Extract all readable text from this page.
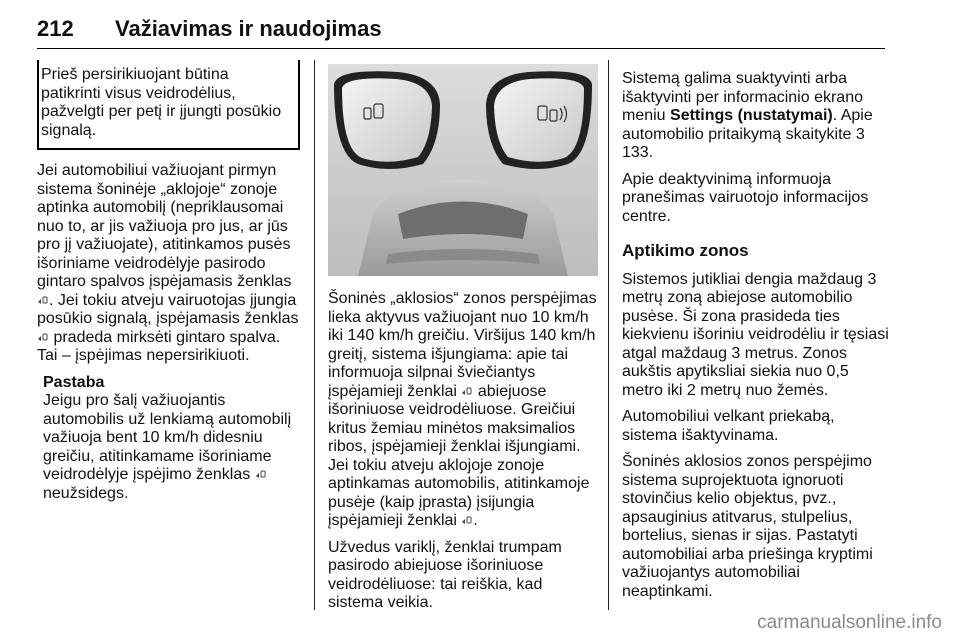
212 Važiavimas ir naudojimas

Prieš persirikiuojant būtina patikrinti visus veidrodėlius, pažvelgti per petį ir įjungti posūkio signalą.

Jei automobiliui važiuojant pirmyn sistema šoninėje „aklojoje“ zonoje aptinka automobilį (nepriklausomai nuo to, ar jis važiuoja pro jus, ar jūs pro jį važiuojate), atitinkamos pusės išoriniame veidrodėlyje pasirodo gintaro spalvos įspėjamasis ženklas . Jei tokiu atveju vairuotojas įjungia posūkio signalą, įspėjamasis ženklas  pradeda mirksėti gintaro spalva. Tai – įspėjimas nepersirikiuoti.

Pastaba

Jeigu pro šalį važiuojantis automobilis už lenkiamą automobilį važiuoja bent 10 km/h didesniu greičiu, atitinkamame išoriniame veidrodėlyje įspėjimo ženklas  neužsidegs.

Šoninės „aklosios“ zonos perspėjimas lieka aktyvus važiuojant nuo 10 km/h iki 140 km/h greičiu. Viršijus 140 km/h greitį, sistema išjungiama: apie tai informuoja silpnai šviečiantys įspėjamieji ženklai abiejuose išoriniuose veidrodėliuose. Greičiui kritus žemiau minėtos maksimalios ribos, įspėjamieji ženklai išjungiami. Jei tokiu atveju aklojoje zonoje aptinkamas automobilis, atitinkamoje pusėje (kaip įprasta) įsijungia įspėjamieji ženklai .

Užvedus variklį, ženklai trumpam pasirodo abiejuose išoriniuose veidrodėliuose: tai reiškia, kad sistema veikia.

Sistemą galima suaktyvinti arba išaktyvinti per informacinio ekrano meniu Settings (nustatymai). Apie automobilio pritaikymą skaitykite 3 133.

Apie deaktyvinimą informuoja pranešimas vairuotojo informacijos centre.

Aptikimo zonos

Sistemos jutikliai dengia maždaug 3 metrų zoną abiejose automobilio pusėse. Ši zona prasideda ties kiekvienu išoriniu veidrodėliu ir tęsiasi atgal maždaug 3 metrus. Zonos aukštis apytiksliai siekia nuo 0,5 metro iki 2 metrų nuo žemės.

Automobiliui velkant priekabą, sistema išaktyvinama.

Šoninės aklosios zonos perspėjimo sistema suprojektuota ignoruoti stovinčius kelio objektus, pvz., apsauginius atitvarus, stulpelius, bortelius, sienas ir sijas. Pastatyti automobiliai arba priešinga kryptimi važiuojantys automobiliai neaptinkami.

carmanualsonline.info
